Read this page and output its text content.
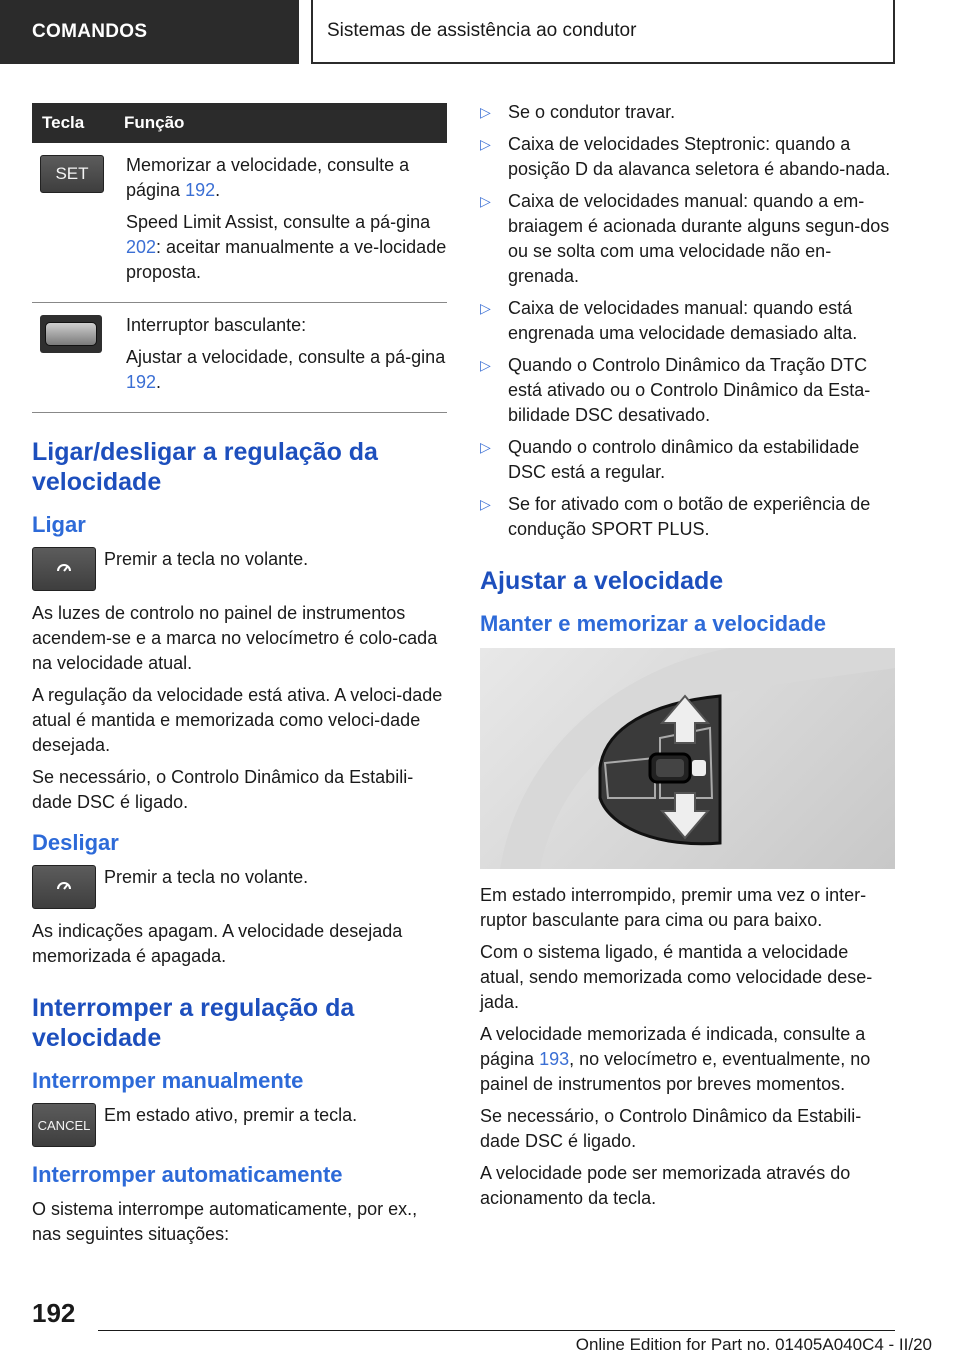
COMANDOS	Sistemas de assistência ao condutor
Tecla	Função

SET	Memorizar a velocidade, consulte a página 192.

Speed Limit Assist, consulte a pá-gina 202: aceitar manualmente a ve-locidade proposta.

	Interruptor basculante:

Ajustar a velocidade, consulte a pá-gina 192.

Ligar/desligar a regulação da velocidade
Ligar

Premir a tecla no volante.

As luzes de controlo no painel de instrumentos acendem-se e a marca no velocímetro é colo-cada na velocidade atual.

A regulação da velocidade está ativa. A veloci-dade atual é mantida e memorizada como veloci-dade desejada.

Se necessário, o Controlo Dinâmico da Estabili-dade DSC é ligado.

Desligar

Premir a tecla no volante.

As indicações apagam. A velocidade desejada memorizada é apagada.

Interromper a regulação da velocidade
Interromper manualmente
CANCEL Em estado ativo, premir a tecla.

Interromper automaticamente

O sistema interrompe automaticamente, por ex., nas seguintes situações:

▷ Se o condutor travar.
▷ Caixa de velocidades Steptronic: quando a posição D da alavanca seletora é abando-nada.
▷ Caixa de velocidades manual: quando a em-braiagem é acionada durante alguns segun-dos ou se solta com uma velocidade não en-grenada.
▷ Caixa de velocidades manual: quando está engrenada uma velocidade demasiado alta.
▷ Quando o Controlo Dinâmico da Tração DTC está ativado ou o Controlo Dinâmico da Esta-bilidade DSC desativado.
▷ Quando o controlo dinâmico da estabilidade DSC está a regular.
▷ Se for ativado com o botão de experiência de condução SPORT PLUS.
Ajustar a velocidade
Manter e memorizar a velocidade

Em estado interrompido, premir uma vez o inter-ruptor basculante para cima ou para baixo.

Com o sistema ligado, é mantida a velocidade atual, sendo memorizada como velocidade dese-jada.

A velocidade memorizada é indicada, consulte a página 193, no velocímetro e, eventualmente, no painel de instrumentos por breves momentos.

Se necessário, o Controlo Dinâmico da Estabili-dade DSC é ligado.

A velocidade pode ser memorizada através do acionamento da tecla.

192
Online Edition for Part no. 01405A040C4 - II/20
